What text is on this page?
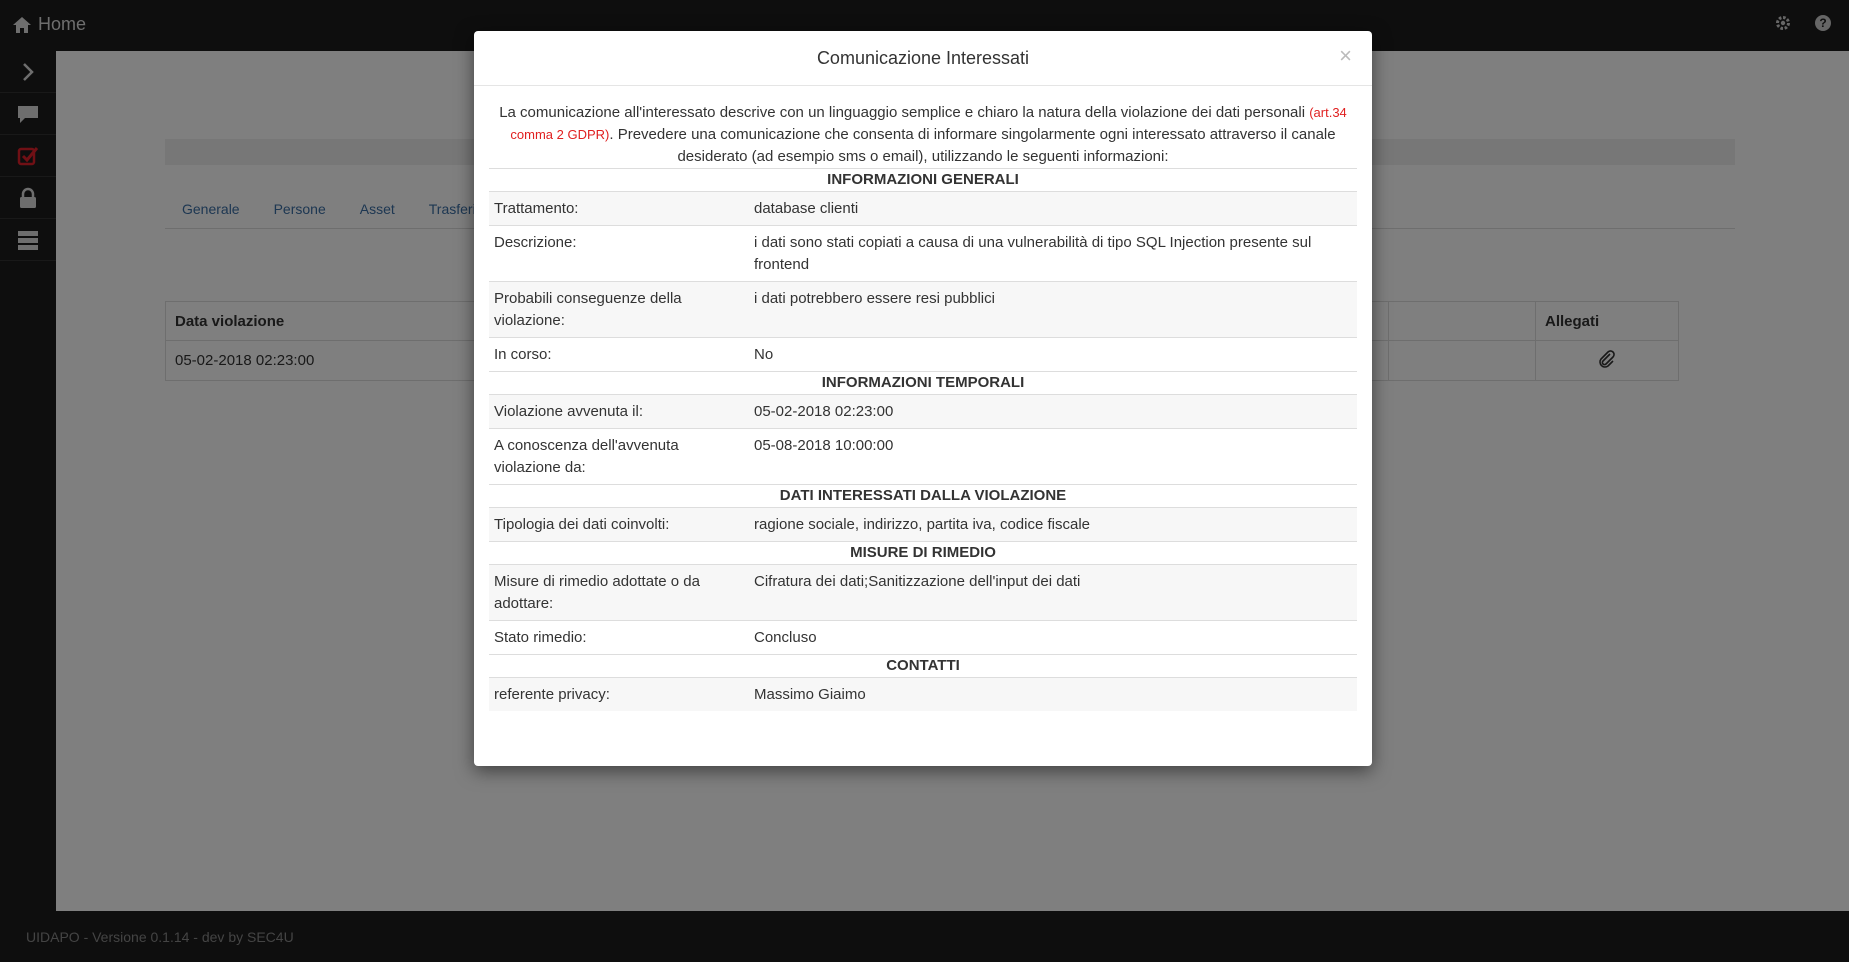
Comunicazione Interessati	×

La comunicazione all'interessato descrive con un linguaggio semplice e chiaro la natura della violazione dei dati personali (art.34 comma 2 GDPR). Prevedere una comunicazione che consenta di informare singolarmente ogni interessato attraverso il canale desiderato (ad esempio sms o email), utilizzando le seguenti informazioni:

INFORMAZIONI GENERALI	
Trattamento:	database clienti
Descrizione:	i dati sono stati copiati a causa di una vulnerabilità di tipo SQL Injection presente sul frontend
Probabili conseguenze della violazione:	i dati potrebbero essere resi pubblici
In corso:	No
INFORMAZIONI TEMPORALI	
Violazione avvenuta il:	05-02-2018 02:23:00
A conoscenza dell'avvenuta violazione da:	05-08-2018 10:00:00
DATI INTERESSATI DALLA VIOLAZIONE	
Tipologia dei dati coinvolti:	ragione sociale, indirizzo, partita iva, codice fiscale
MISURE DI RIMEDIO	
Misure di rimedio adottate o da adottare:	Cifratura dei dati;Sanitizzazione dell'input dei dati
Stato rimedio:	Concluso
CONTATTI	
referente privacy:	Massimo Giaimo
